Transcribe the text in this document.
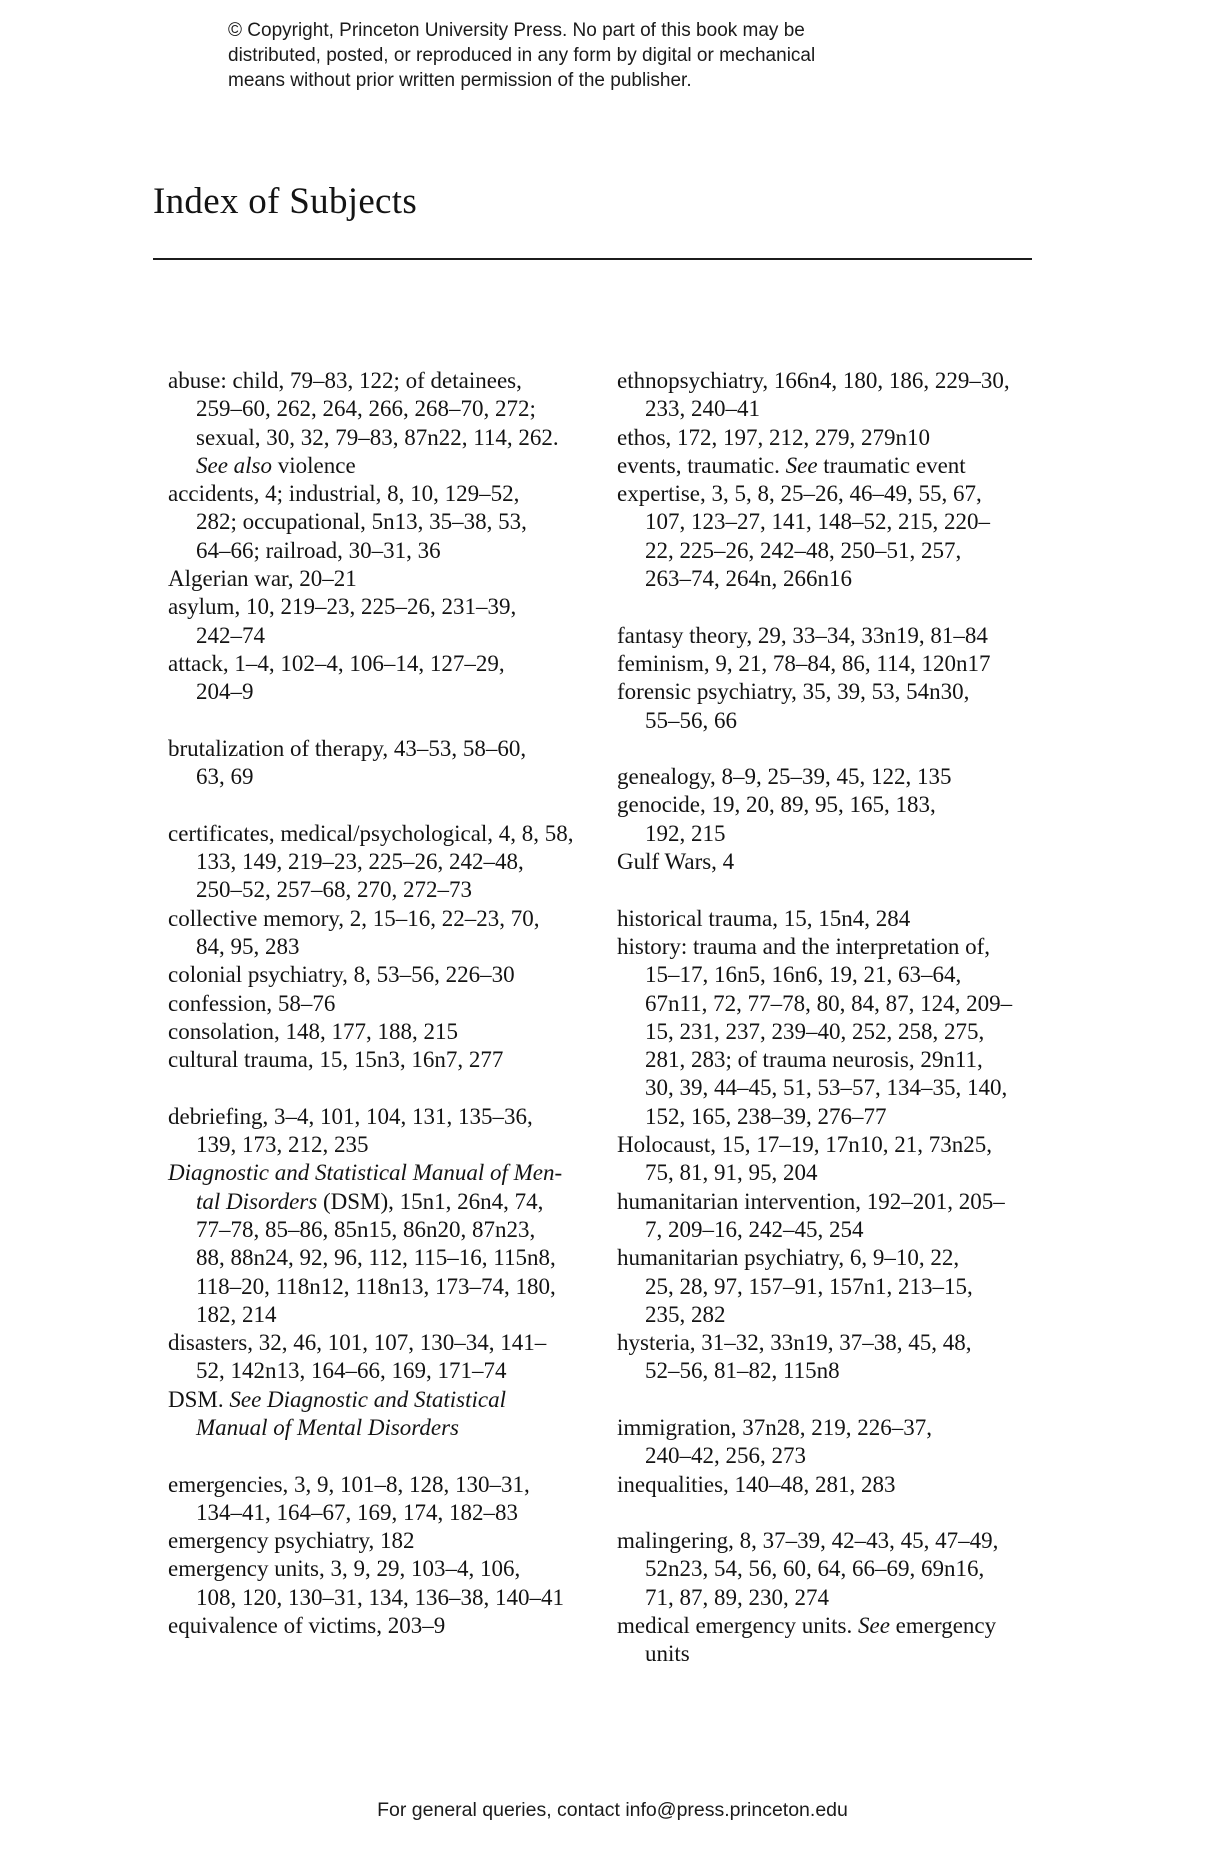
© Copyright, Princeton University Press. No part of this book may be
distributed, posted, or reproduced in any form by digital or mechanical
means without prior written permission of the publisher.
Index of Subjects
abuse: child, 79–83, 122; of detainees,
259–60, 262, 264, 266, 268–70, 272;
sexual, 30, 32, 79–83, 87n22, 114, 262.
See also violence
accidents, 4; industrial, 8, 10, 129–52,
282; occupational, 5n13, 35–38, 53,
64–66; railroad, 30–31, 36
Algerian war, 20–21
asylum, 10, 219–23, 225–26, 231–39,
242–74
attack, 1–4, 102–4, 106–14, 127–29,
204–9
brutalization of therapy, 43–53, 58–60,
63, 69
certificates, medical/psychological, 4, 8, 58,
133, 149, 219–23, 225–26, 242–48,
250–52, 257–68, 270, 272–73
collective memory, 2, 15–16, 22–23, 70,
84, 95, 283
colonial psychiatry, 8, 53–56, 226–30
confession, 58–76
consolation, 148, 177, 188, 215
cultural trauma, 15, 15n3, 16n7, 277
debriefing, 3–4, 101, 104, 131, 135–36,
139, 173, 212, 235
Diagnostic and Statistical Manual of Men-
tal Disorders (DSM), 15n1, 26n4, 74,
77–78, 85–86, 85n15, 86n20, 87n23,
88, 88n24, 92, 96, 112, 115–16, 115n8,
118–20, 118n12, 118n13, 173–74, 180,
182, 214
disasters, 32, 46, 101, 107, 130–34, 141–
52, 142n13, 164–66, 169, 171–74
DSM. See Diagnostic and Statistical
Manual of Mental Disorders
emergencies, 3, 9, 101–8, 128, 130–31,
134–41, 164–67, 169, 174, 182–83
emergency psychiatry, 182
emergency units, 3, 9, 29, 103–4, 106,
108, 120, 130–31, 134, 136–38, 140–41
equivalence of victims, 203–9
ethnopsychiatry, 166n4, 180, 186, 229–30,
233, 240–41
ethos, 172, 197, 212, 279, 279n10
events, traumatic. See traumatic event
expertise, 3, 5, 8, 25–26, 46–49, 55, 67,
107, 123–27, 141, 148–52, 215, 220–
22, 225–26, 242–48, 250–51, 257,
263–74, 264n, 266n16
fantasy theory, 29, 33–34, 33n19, 81–84
feminism, 9, 21, 78–84, 86, 114, 120n17
forensic psychiatry, 35, 39, 53, 54n30,
55–56, 66
genealogy, 8–9, 25–39, 45, 122, 135
genocide, 19, 20, 89, 95, 165, 183,
192, 215
Gulf Wars, 4
historical trauma, 15, 15n4, 284
history: trauma and the interpretation of,
15–17, 16n5, 16n6, 19, 21, 63–64,
67n11, 72, 77–78, 80, 84, 87, 124, 209–
15, 231, 237, 239–40, 252, 258, 275,
281, 283; of trauma neurosis, 29n11,
30, 39, 44–45, 51, 53–57, 134–35, 140,
152, 165, 238–39, 276–77
Holocaust, 15, 17–19, 17n10, 21, 73n25,
75, 81, 91, 95, 204
humanitarian intervention, 192–201, 205–
7, 209–16, 242–45, 254
humanitarian psychiatry, 6, 9–10, 22,
25, 28, 97, 157–91, 157n1, 213–15,
235, 282
hysteria, 31–32, 33n19, 37–38, 45, 48,
52–56, 81–82, 115n8
immigration, 37n28, 219, 226–37,
240–42, 256, 273
inequalities, 140–48, 281, 283
malingering, 8, 37–39, 42–43, 45, 47–49,
52n23, 54, 56, 60, 64, 66–69, 69n16,
71, 87, 89, 230, 274
medical emergency units. See emergency
units
For general queries, contact info@press.princeton.edu
